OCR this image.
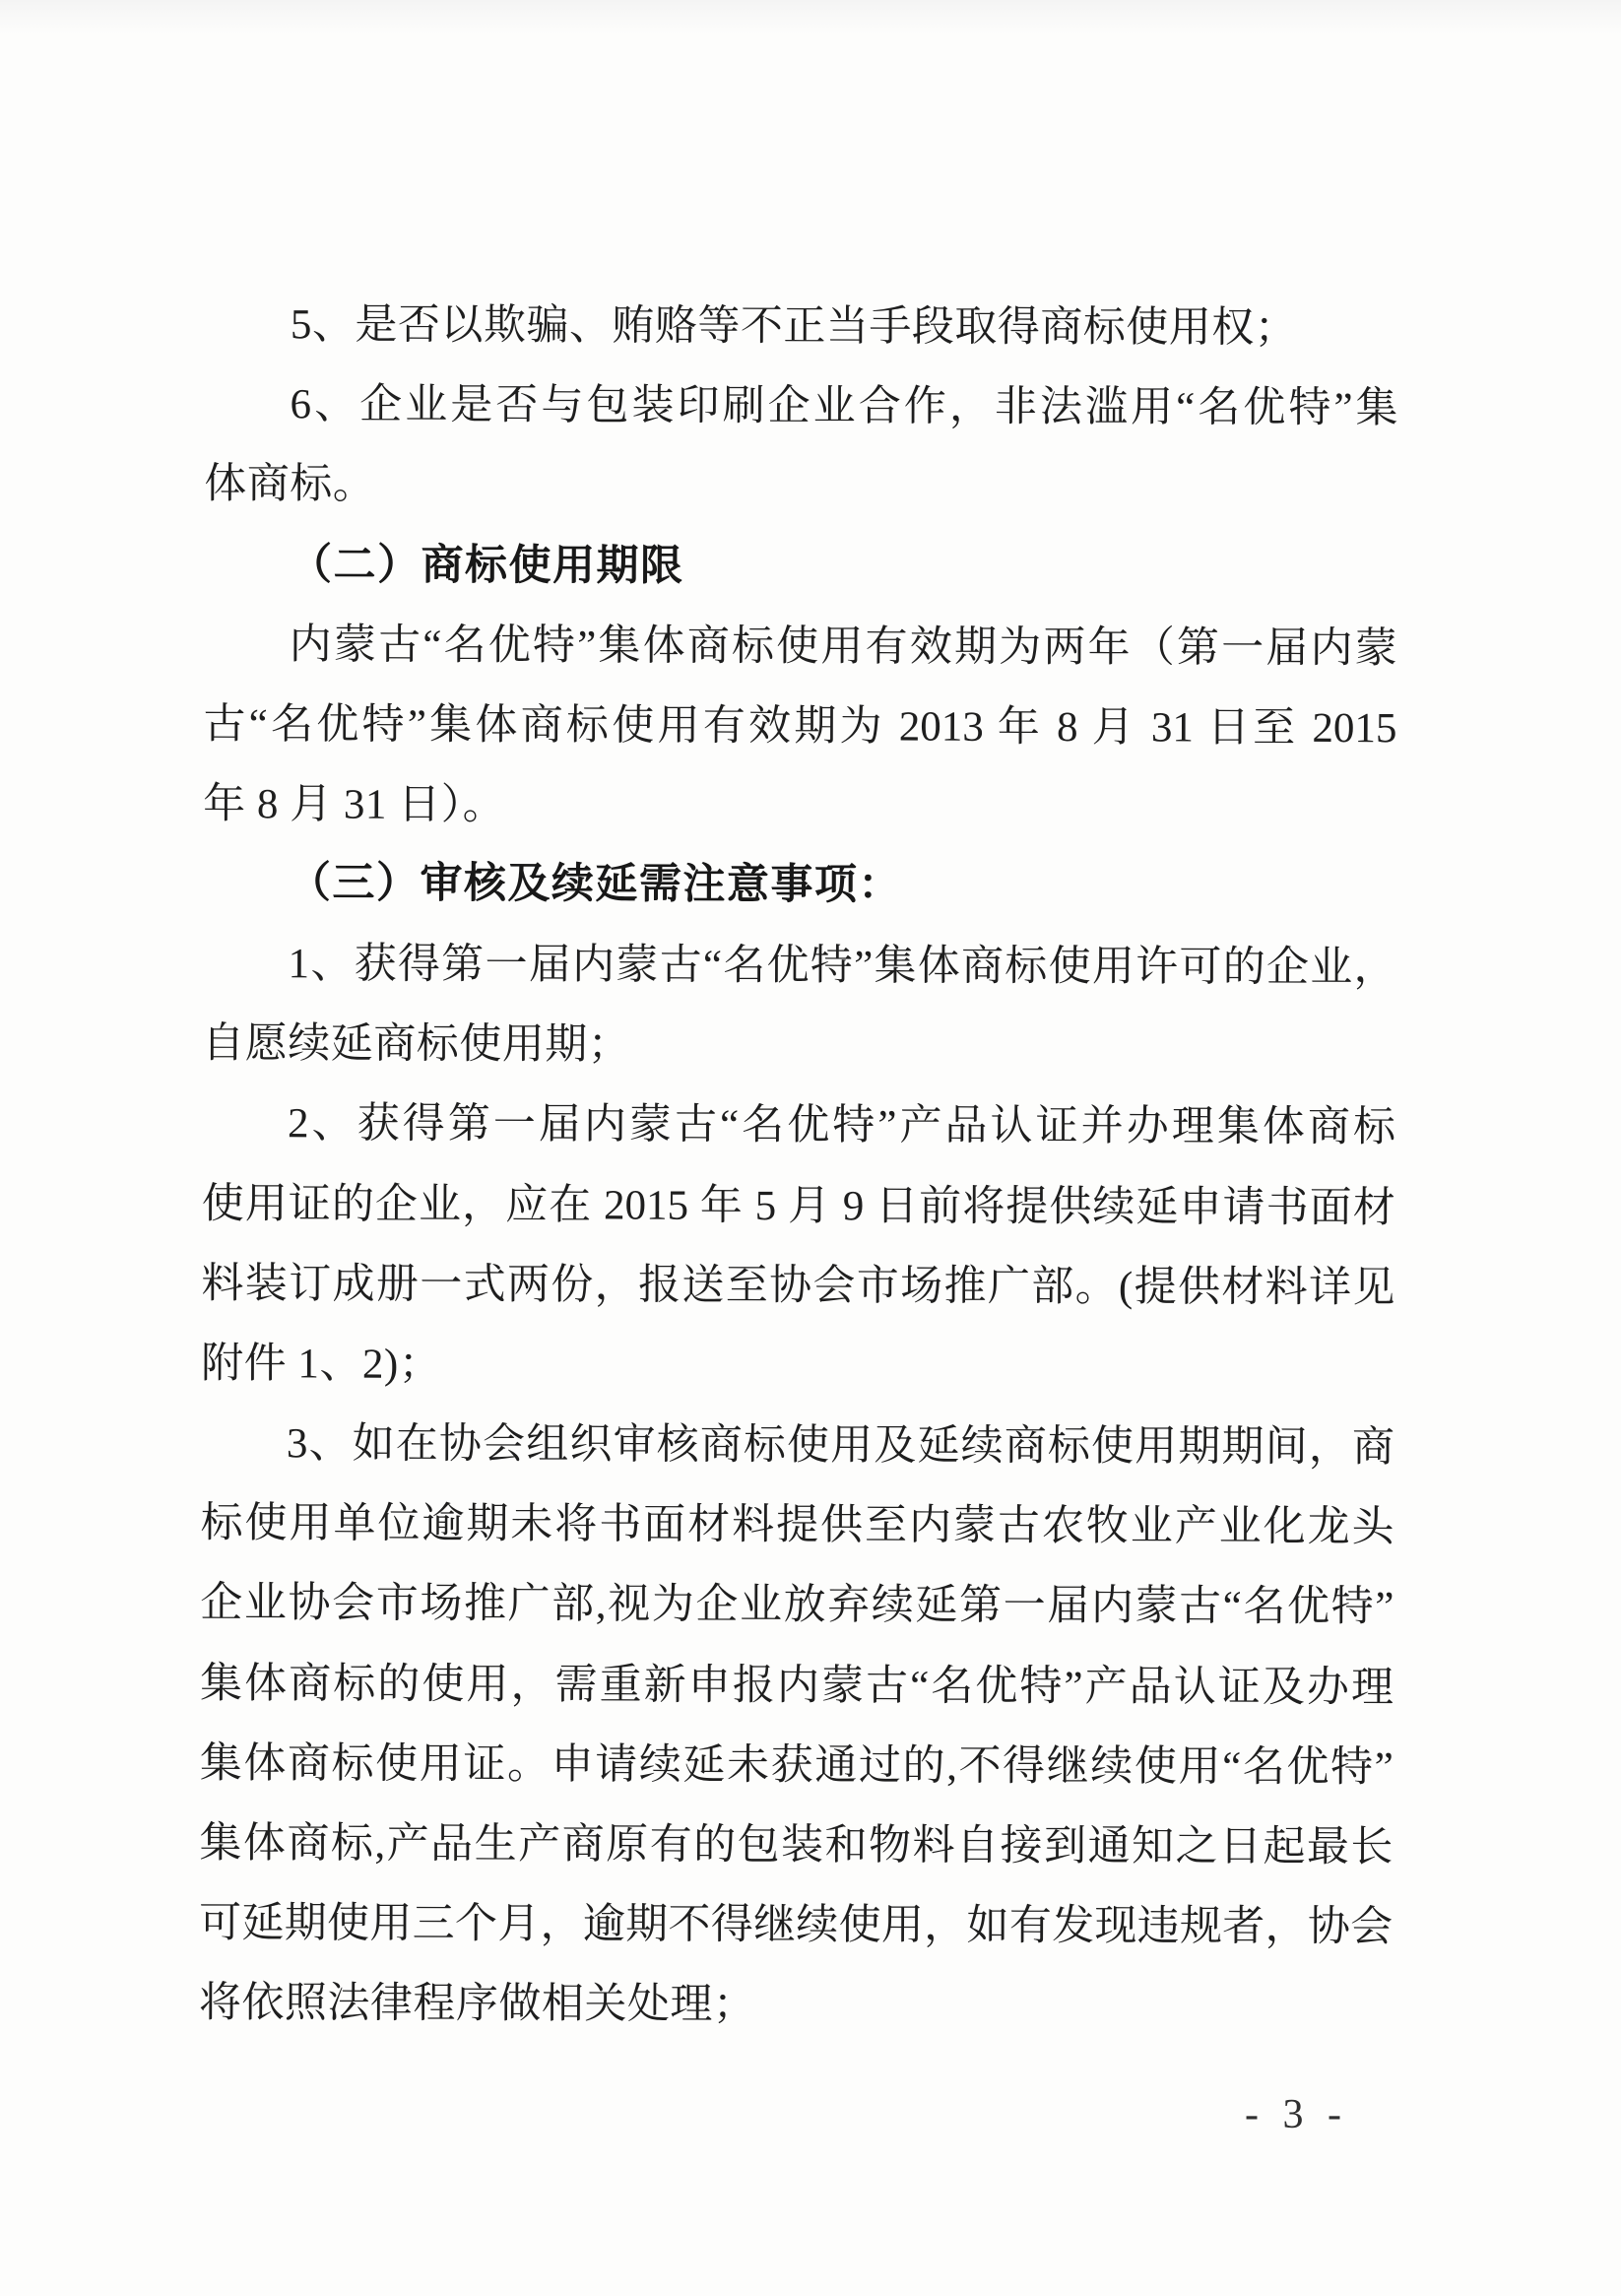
5、是否以欺骗、贿赂等不正当手段取得商标使用权；
6、企业是否与包装印刷企业合作，非法滥用“名优特”集
体商标。
（二）商标使用期限
内蒙古“名优特”集体商标使用有效期为两年（第一届内蒙
古“名优特”集体商标使用有效期为 2013 年 8 月 31 日至 2015
年 8 月 31 日）。
（三）审核及续延需注意事项：
1、获得第一届内蒙古“名优特”集体商标使用许可的企业，
自愿续延商标使用期；
2、获得第一届内蒙古“名优特”产品认证并办理集体商标
使用证的企业，应在 2015 年 5 月 9 日前将提供续延申请书面材
料装订成册一式两份，报送至协会市场推广部。(提供材料详见
附件 1、2)；
3、如在协会组织审核商标使用及延续商标使用期期间，商
标使用单位逾期未将书面材料提供至内蒙古农牧业产业化龙头
企业协会市场推广部,视为企业放弃续延第一届内蒙古“名优特”
集体商标的使用，需重新申报内蒙古“名优特”产品认证及办理
集体商标使用证。申请续延未获通过的,不得继续使用“名优特”
集体商标,产品生产商原有的包装和物料自接到通知之日起最长
可延期使用三个月，逾期不得继续使用，如有发现违规者，协会
将依照法律程序做相关处理；
- 3 -
